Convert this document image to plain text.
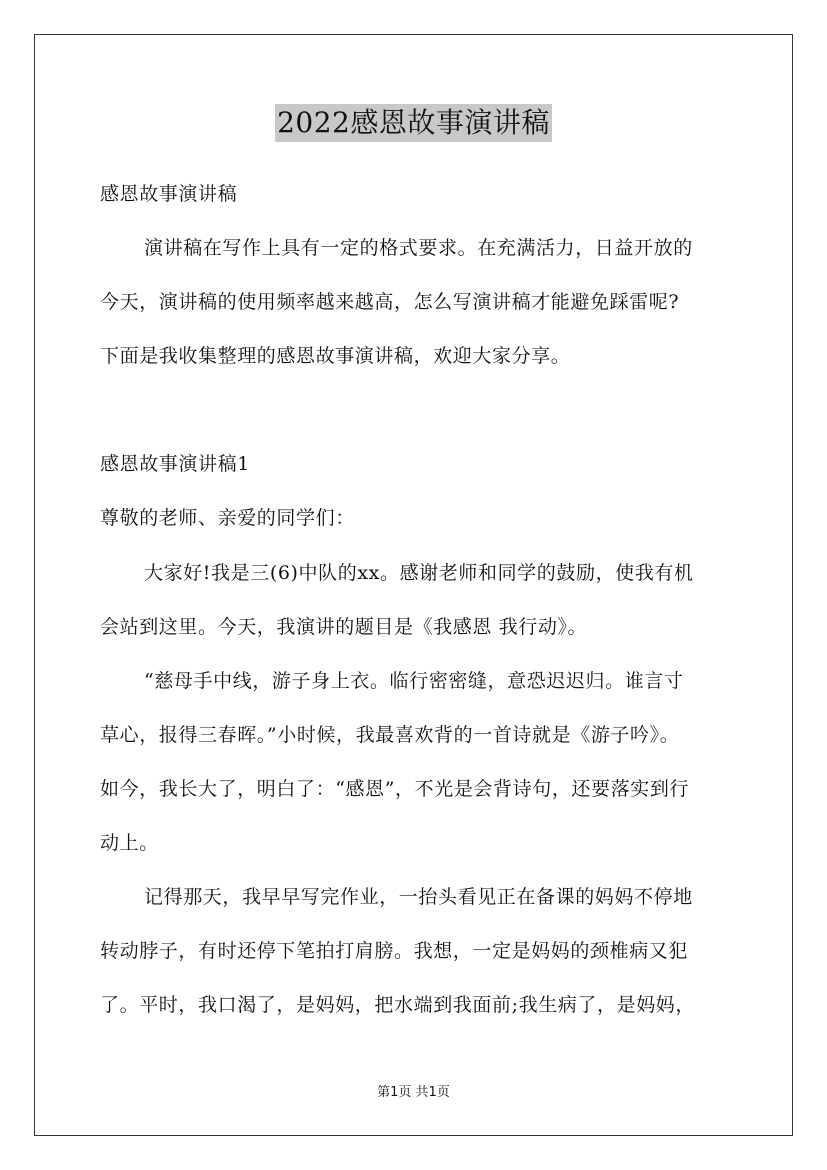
2022感恩故事演讲稿
感恩故事演讲稿
演讲稿在写作上具有一定的格式要求。在充满活力，日益开放的
今天，演讲稿的使用频率越来越高，怎么写演讲稿才能避免踩雷呢?
下面是我收集整理的感恩故事演讲稿，欢迎大家分享。
感恩故事演讲稿1
尊敬的老师、亲爱的同学们：
大家好!我是三(6)中队的xx。感谢老师和同学的鼓励，使我有机
会站到这里。今天，我演讲的题目是《我感恩 我行动》。
“慈母手中线，游子身上衣。临行密密缝，意恐迟迟归。谁言寸
草心，报得三春晖。”小时候，我最喜欢背的一首诗就是《游子吟》。
如今，我长大了，明白了：“感恩”，不光是会背诗句，还要落实到行
动上。
记得那天，我早早写完作业，一抬头看见正在备课的妈妈不停地
转动脖子，有时还停下笔拍打肩膀。我想，一定是妈妈的颈椎病又犯
了。平时，我口渴了，是妈妈，把水端到我面前;我生病了，是妈妈，
第1页 共1页
